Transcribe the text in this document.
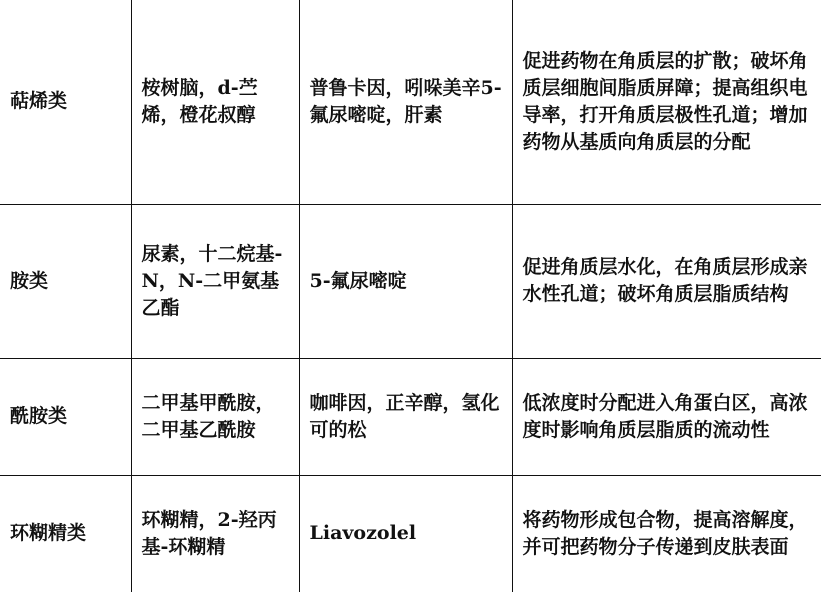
萜烯类	桉树脑，d-苎烯，橙花叔醇	普鲁卡因，吲哚美辛5-氟尿嘧啶，肝素	促进药物在角质层的扩散；破坏角质层细胞间脂质屏障；提高组织电导率，打开角质层极性孔道；增加药物从基质向角质层的分配
胺类	尿素，十二烷基-N，N-二甲氨基乙酯	5-氟尿嘧啶	促进角质层水化，在角质层形成亲水性孔道；破坏角质层脂质结构
酰胺类	二甲基甲酰胺，二甲基乙酰胺	咖啡因，正辛醇，氢化可的松	低浓度时分配进入角蛋白区，高浓度时影响角质层脂质的流动性
环糊精类	环糊精，2-羟丙基-环糊精	Liavozolel	将药物形成包合物，提高溶解度，并可把药物分子传递到皮肤表面
